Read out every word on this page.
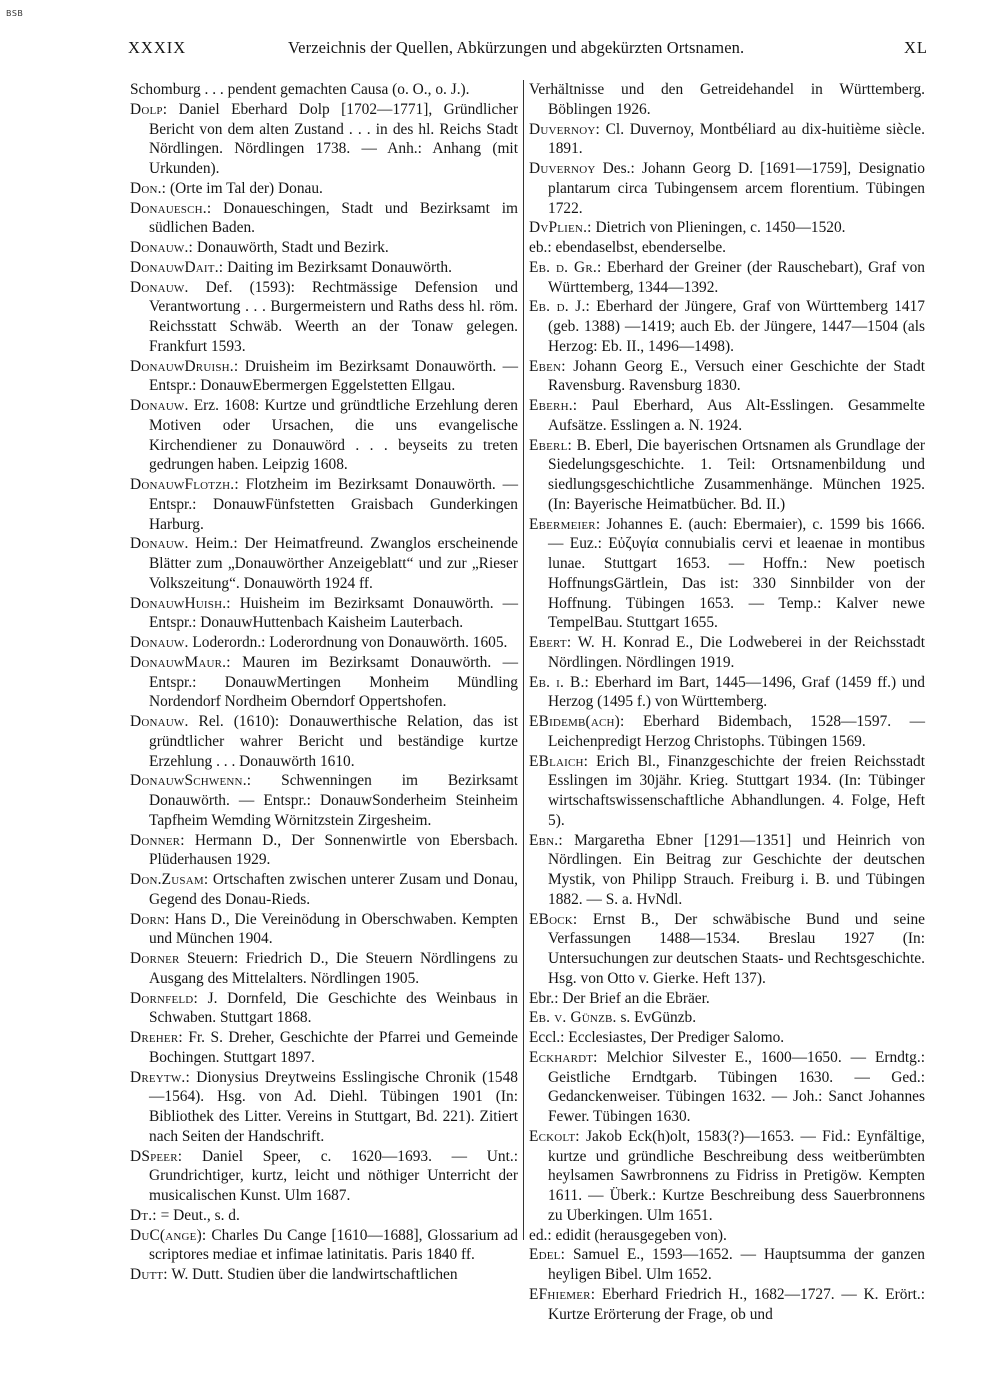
BSB
XXXIX	Verzeichnis der Quellen, Abkürzungen und abgekürzten Ortsnamen.	XL

Schomburg . . . pendent gemachten Causa (o. O., o. J.).

Dolp: Daniel Eberhard Dolp [1702—1771], Gründlicher Bericht von dem alten Zustand . . . in des hl. Reichs Stadt Nördlingen. Nördlingen 1738. — Anh.: Anhang (mit Urkunden).

Don.: (Orte im Tal der) Donau.

Donauesch.: Donaueschingen, Stadt und Bezirksamt im südlichen Baden.

Donauw.: Donauwörth, Stadt und Bezirk.

DonauwDait.: Daiting im Bezirksamt Donauwörth.

Donauw. Def. (1593): Rechtmässige Defension und Verantwortung . . . Burgermeistern und Raths dess hl. röm. Reichsstatt Schwäb. Weerth an der Tonaw gelegen. Frankfurt 1593.

DonauwDruish.: Druisheim im Bezirksamt Donauwörth. — Entspr.: DonauwEbermergen Eggelstetten Ellgau.

Donauw. Erz. 1608: Kurtze und gründtliche Erzehlung deren Motiven oder Ursachen, die uns evangelische Kirchendiener zu Donauwörd . . . beyseits zu treten gedrungen haben. Leipzig 1608.

DonauwFlotzh.: Flotzheim im Bezirksamt Donauwörth. — Entspr.: DonauwFünfstetten Graisbach Gunderkingen Harburg.

Donauw. Heim.: Der Heimatfreund. Zwanglos erscheinende Blätter zum „Donauwörther Anzeigeblatt“ und zur „Rieser Volkszeitung“. Donauwörth 1924 ff.

DonauwHuish.: Huisheim im Bezirksamt Donauwörth. — Entspr.: DonauwHuttenbach Kaisheim Lauterbach.

Donauw. Loderordn.: Loderordnung von Donauwörth. 1605.

DonauwMaur.: Mauren im Bezirksamt Donauwörth. — Entspr.: DonauwMertingen Monheim Mündling Nordendorf Nordheim Oberndorf Oppertshofen.

Donauw. Rel. (1610): Donauwerthische Relation, das ist gründtlicher wahrer Bericht und beständige kurtze Erzehlung . . . Donauwörth 1610.

DonauwSchwenn.: Schwenningen im Bezirksamt Donauwörth. — Entspr.: DonauwSonderheim Steinheim Tapfheim Wemding Wörnitzstein Zirgesheim.

Donner: Hermann D., Der Sonnenwirtle von Ebersbach. Plüderhausen 1929.

Don.Zusam: Ortschaften zwischen unterer Zusam und Donau, Gegend des Donau-Rieds.

Dorn: Hans D., Die Vereinödung in Oberschwaben. Kempten und München 1904.

Dorner Steuern: Friedrich D., Die Steuern Nördlingens zu Ausgang des Mittelalters. Nördlingen 1905.

Dornfeld: J. Dornfeld, Die Geschichte des Weinbaus in Schwaben. Stuttgart 1868.

Dreher: Fr. S. Dreher, Geschichte der Pfarrei und Gemeinde Bochingen. Stuttgart 1897.

Dreytw.: Dionysius Dreytweins Esslingische Chronik (1548—1564). Hsg. von Ad. Diehl. Tübingen 1901 (In: Bibliothek des Litter. Vereins in Stuttgart, Bd. 221). Zitiert nach Seiten der Handschrift.

DSpeer: Daniel Speer, c. 1620—1693. — Unt.: Grundrichtiger, kurtz, leicht und nöthiger Unterricht der musicalischen Kunst. Ulm 1687.

Dt.: = Deut., s. d.

DuC(ange): Charles Du Cange [1610—1688], Glossarium ad scriptores mediae et infimae latinitatis. Paris 1840 ff.

Dutt: W. Dutt. Studien über die landwirtschaftlichen

Verhältnisse und den Getreidehandel in Württemberg. Böblingen 1926.

Duvernoy: Cl. Duvernoy, Montbéliard au dix-huitième siècle. 1891.

Duvernoy Des.: Johann Georg D. [1691—1759], Designatio plantarum circa Tubingensem arcem florentium. Tübingen 1722.

DvPlien.: Dietrich von Plieningen, c. 1450—1520.

eb.: ebendaselbst, ebenderselbe.

Eb. d. Gr.: Eberhard der Greiner (der Rauschebart), Graf von Württemberg, 1344—1392.

Eb. d. J.: Eberhard der Jüngere, Graf von Württemberg 1417 (geb. 1388) —1419; auch Eb. der Jüngere, 1447—1504 (als Herzog: Eb. II., 1496—1498).

Eben: Johann Georg E., Versuch einer Geschichte der Stadt Ravensburg. Ravensburg 1830.

Eberh.: Paul Eberhard, Aus Alt-Esslingen. Gesammelte Aufsätze. Esslingen a. N. 1924.

Eberl: B. Eberl, Die bayerischen Ortsnamen als Grundlage der Siedelungsgeschichte. 1. Teil: Ortsnamenbildung und siedlungsgeschichtliche Zusammenhänge. München 1925. (In: Bayerische Heimatbücher. Bd. II.)

Ebermeier: Johannes E. (auch: Ebermaier), c. 1599 bis 1666. — Euz.: Εὐζυγία connubialis cervi et leaenae in montibus lunae. Stuttgart 1653. — Hoffn.: New poetisch HoffnungsGärtlein, Das ist: 330 Sinnbilder von der Hoffnung. Tübingen 1653. — Temp.: Kalver newe TempelBau. Stuttgart 1655.

Ebert: W. H. Konrad E., Die Lodweberei in der Reichsstadt Nördlingen. Nördlingen 1919.

Eb. i. B.: Eberhard im Bart, 1445—1496, Graf (1459 ff.) und Herzog (1495 f.) von Württemberg.

EBidemb(ach): Eberhard Bidembach, 1528—1597. — Leichenpredigt Herzog Christophs. Tübingen 1569.

EBlaich: Erich Bl., Finanzgeschichte der freien Reichsstadt Esslingen im 30jähr. Krieg. Stuttgart 1934. (In: Tübinger wirtschaftswissenschaftliche Abhandlungen. 4. Folge, Heft 5).

Ebn.: Margaretha Ebner [1291—1351] und Heinrich von Nördlingen. Ein Beitrag zur Geschichte der deutschen Mystik, von Philipp Strauch. Freiburg i. B. und Tübingen 1882. — S. a. HvNdl.

EBock: Ernst B., Der schwäbische Bund und seine Verfassungen 1488—1534. Breslau 1927 (In: Untersuchungen zur deutschen Staats- und Rechtsgeschichte. Hsg. von Otto v. Gierke. Heft 137).

Ebr.: Der Brief an die Ebräer.

Eb. v. Günzb. s. EvGünzb.

Eccl.: Ecclesiastes, Der Prediger Salomo.

Eckhardt: Melchior Silvester E., 1600—1650. — Erndtg.: Geistliche Erndtgarb. Tübingen 1630. — Ged.: Gedanckenweiser. Tübingen 1632. — Joh.: Sanct Johannes Fewer. Tübingen 1630.

Eckolt: Jakob Eck(h)olt, 1583(?)—1653. — Fid.: Eynfältige, kurtze und gründliche Beschreibung dess weitberümbten heylsamen Sawrbronnens zu Fidriss in Pretigöw. Kempten 1611. — Überk.: Kurtze Beschreibung dess Sauerbronnens zu Uberkingen. Ulm 1651.

ed.: edidit (herausgegeben von).

Edel: Samuel E., 1593—1652. — Hauptsumma der ganzen heyligen Bibel. Ulm 1652.

EFhiemer: Eberhard Friedrich H., 1682—1727. — K. Erört.: Kurtze Erörterung der Frage, ob und
